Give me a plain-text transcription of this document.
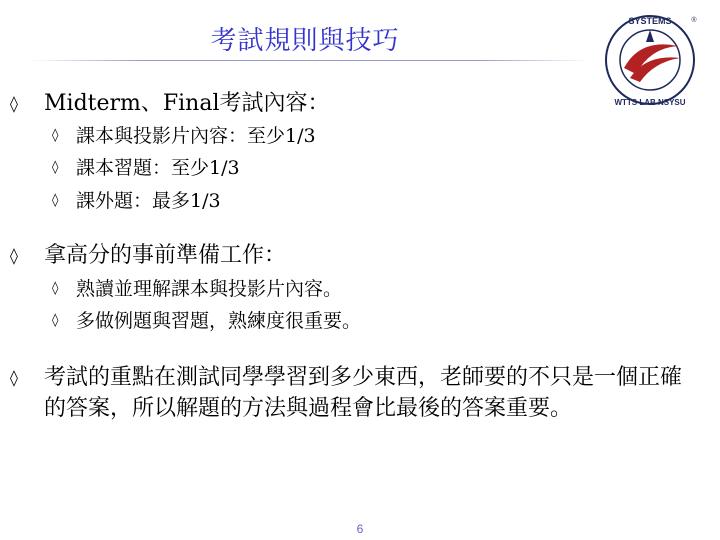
考試規則與技巧
SYSTEMS
WTTS LAB NSYSU
®
◊ Midterm、Final考試內容：
◊ 課本與投影片內容：至少1/3
◊ 課本習題：至少1/3
◊ 課外題：最多1/3
◊ 拿高分的事前準備工作：
◊ 熟讀並理解課本與投影片內容。
◊ 多做例題與習題，熟練度很重要。
◊ 考試的重點在測試同學學習到多少東西，老師要的不只是一個正確的答案，所以解題的方法與過程會比最後的答案重要。
6
